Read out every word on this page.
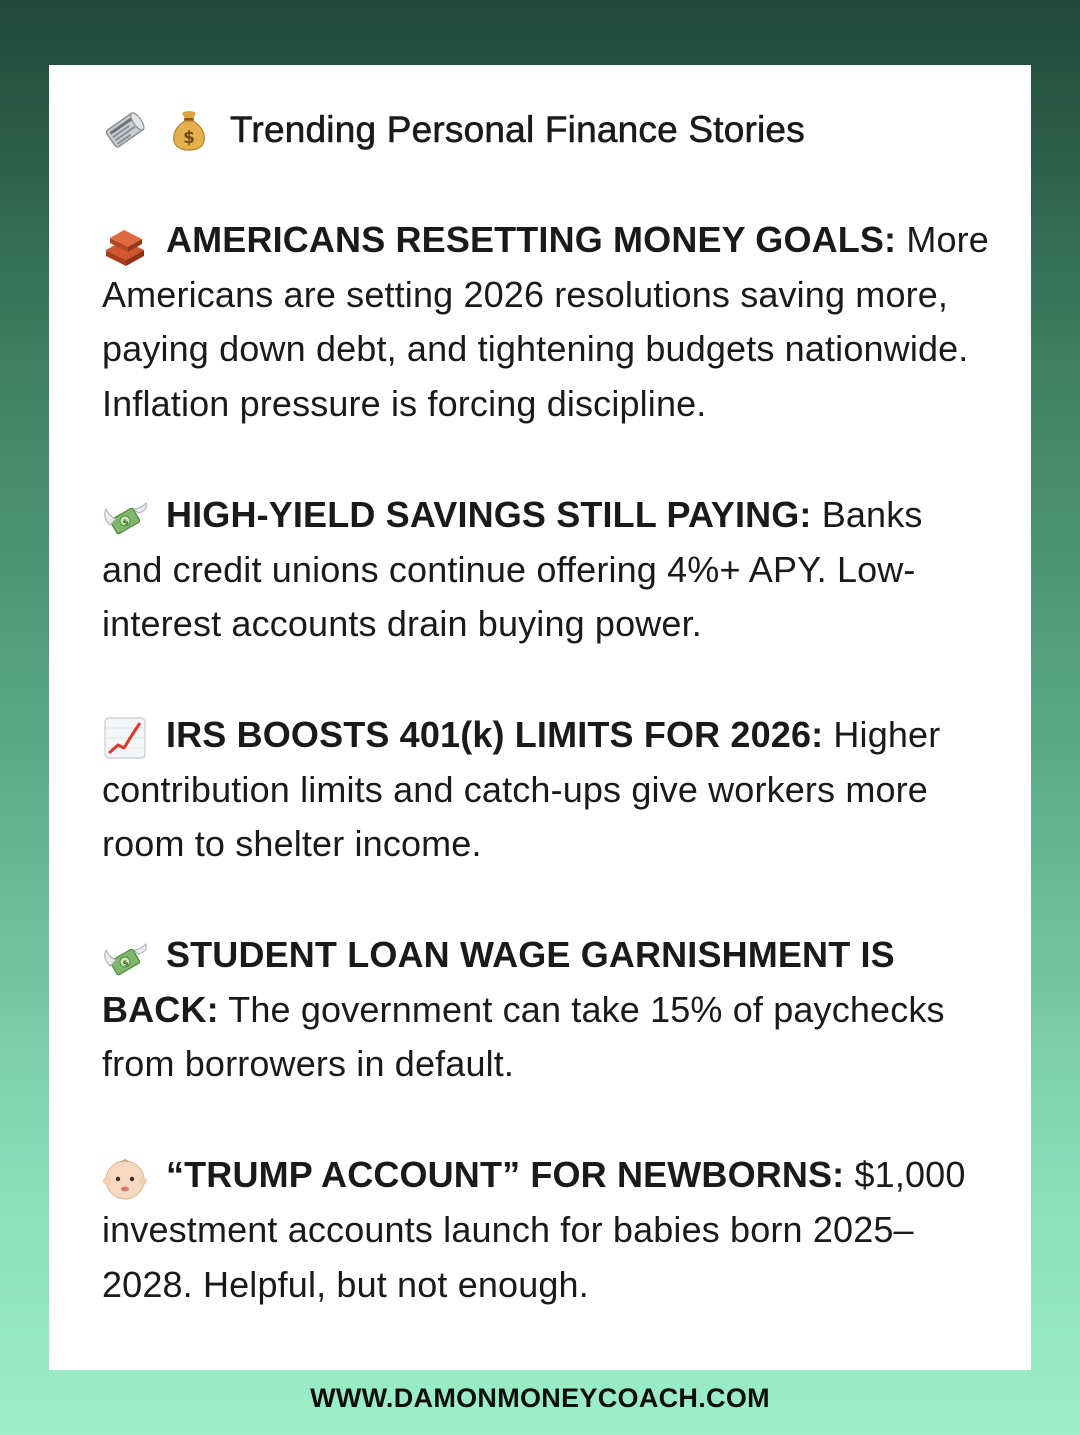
$ Trending Personal Finance Stories
AMERICANS RESETTING MONEY GOALS: More Americans are setting 2026 resolutions saving more, paying down debt, and tightening budgets nationwide. Inflation pressure is forcing discipline.
$ HIGH-YIELD SAVINGS STILL PAYING: Banks and credit unions continue offering 4%+ APY. Low-interest accounts drain buying power.
IRS BOOSTS 401(k) LIMITS FOR 2026: Higher contribution limits and catch-ups give workers more room to shelter income.
$ STUDENT LOAN WAGE GARNISHMENT IS BACK: The government can take 15% of paychecks from borrowers in default.
“TRUMP ACCOUNT” FOR NEWBORNS: $1,000 investment accounts launch for babies born 2025–2028. Helpful, but not enough.
WWW.DAMONMONEYCOACH.COM
